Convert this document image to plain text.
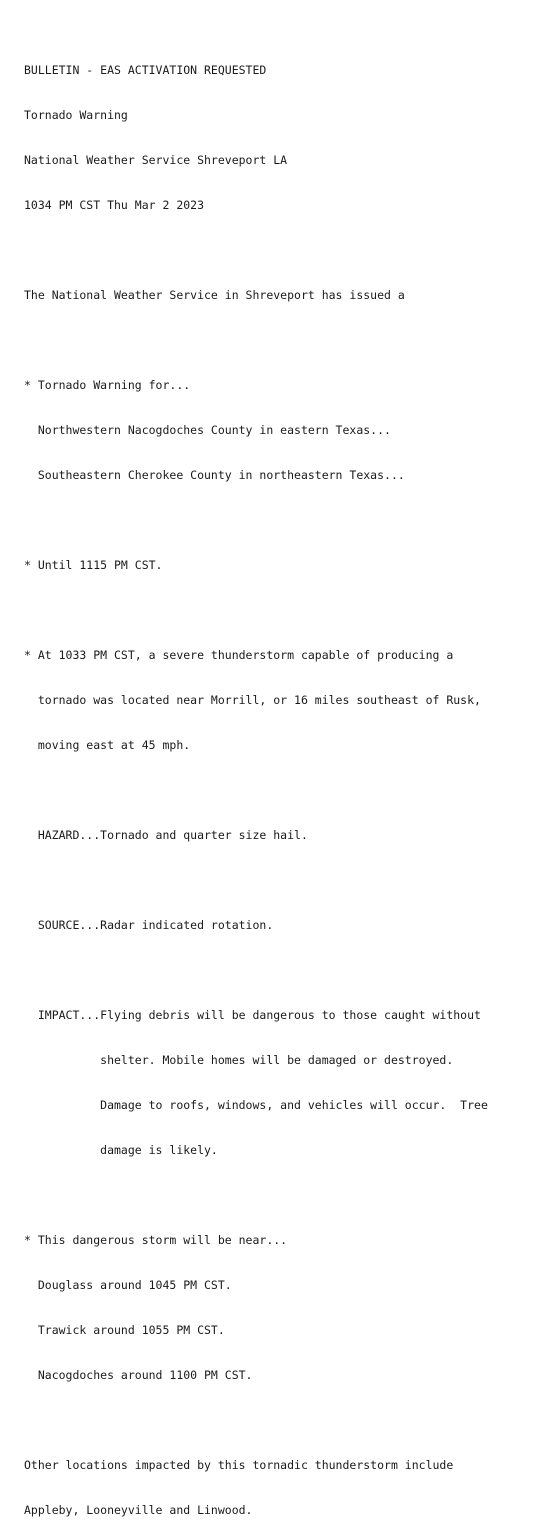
BULLETIN - EAS ACTIVATION REQUESTED

Tornado Warning

National Weather Service Shreveport LA

1034 PM CST Thu Mar 2 2023

The National Weather Service in Shreveport has issued a

* Tornado Warning for...

Northwestern Nacogdoches County in eastern Texas...

Southeastern Cherokee County in northeastern Texas...

* Until 1115 PM CST.

* At 1033 PM CST, a severe thunderstorm capable of producing a

tornado was located near Morrill, or 16 miles southeast of Rusk,

moving east at 45 mph.

HAZARD...Tornado and quarter size hail.

SOURCE...Radar indicated rotation.

IMPACT...Flying debris will be dangerous to those caught without

shelter. Mobile homes will be damaged or destroyed.

Damage to roofs, windows, and vehicles will occur.  Tree

damage is likely.

* This dangerous storm will be near...

Douglass around 1045 PM CST.

Trawick around 1055 PM CST.

Nacogdoches around 1100 PM CST.

Other locations impacted by this tornadic thunderstorm include

Appleby, Looneyville and Linwood.
